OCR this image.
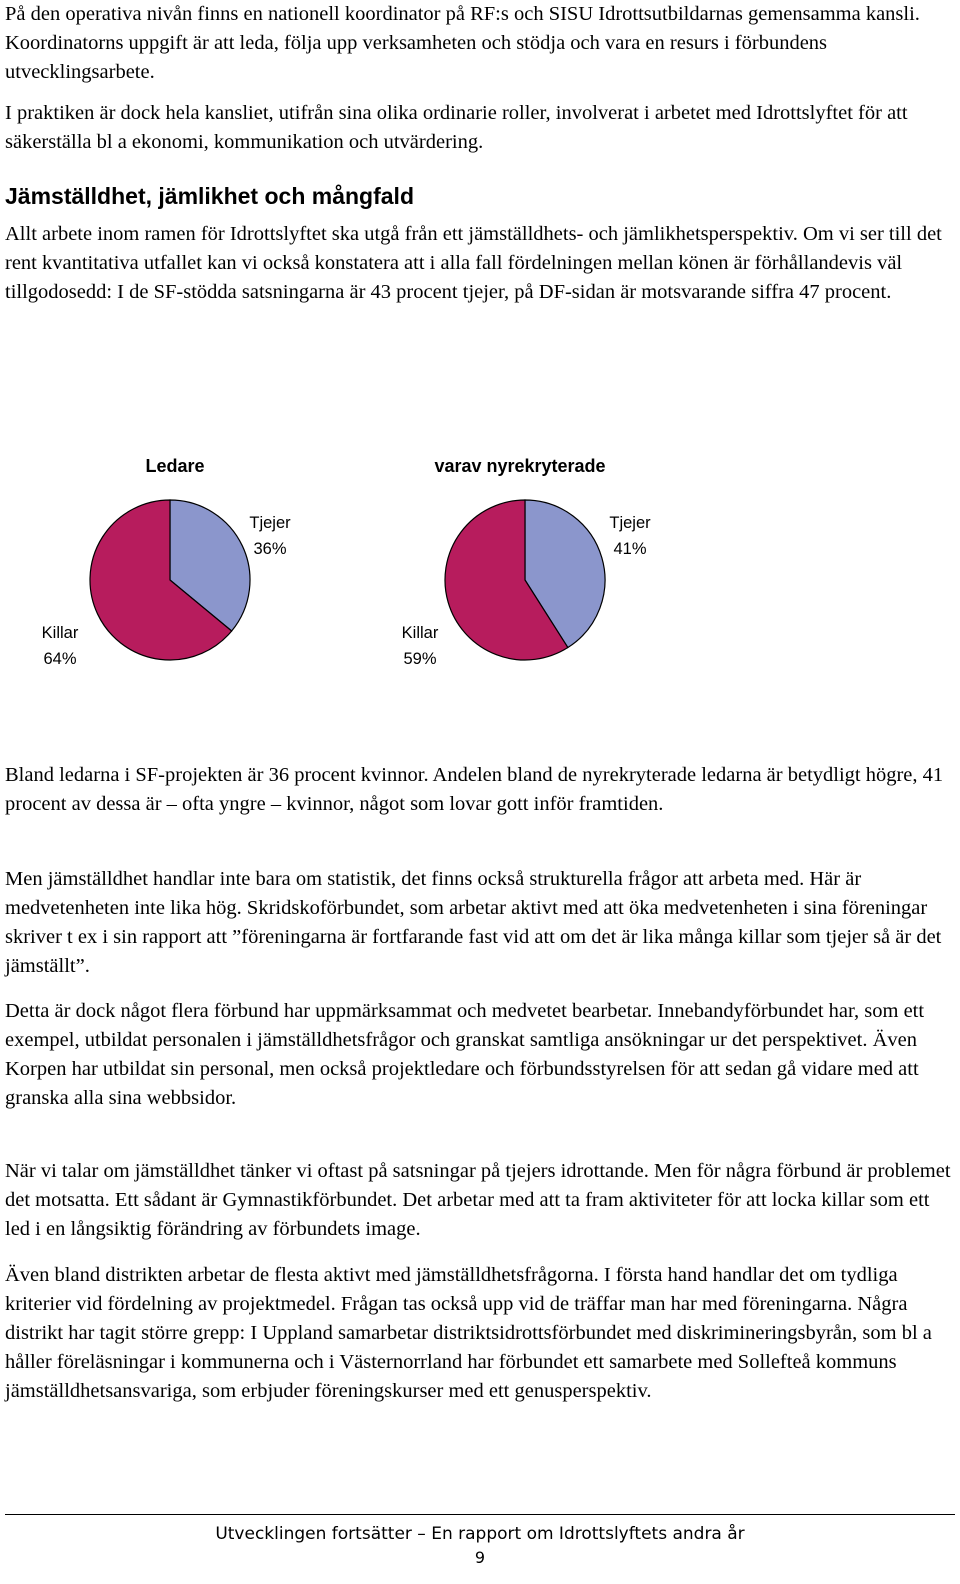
På den operativa nivån finns en nationell koordinator på RF:s och SISU Idrottsutbildarnas gemensamma kansli. Koordinatorns uppgift är att leda, följa upp verksamheten och stödja och vara en resurs i förbundens utvecklingsarbete.

I praktiken är dock hela kansliet, utifrån sina olika ordinarie roller, involverat i arbetet med Idrottslyftet för att säkerställa bl a ekonomi, kommunikation och utvärdering.

Jämställdhet, jämlikhet och mångfald

Allt arbete inom ramen för Idrottslyftet ska utgå från ett jämställdhets- och jämlikhetsperspektiv. Om vi ser till det rent kvantitativa utfallet kan vi också konstatera att i alla fall fördelningen mellan könen är förhållandevis väl tillgodosedd: I de SF-stödda satsningarna är 43 procent tjejer, på DF-sidan är motsvarande siffra 47 procent.

Ledare
Tjejer
36%
Killar
64%
varav nyrekryterade
Tjejer
41%
Killar
59%

Bland ledarna i SF-projekten är 36 procent kvinnor. Andelen bland de nyrekryterade ledarna är betydligt högre, 41 procent av dessa är – ofta yngre – kvinnor, något som lovar gott inför framtiden.

Men jämställdhet handlar inte bara om statistik, det finns också strukturella frågor att arbeta med. Här är medvetenheten inte lika hög. Skridskoförbundet, som arbetar aktivt med att öka medvetenheten i sina föreningar skriver t ex i sin rapport att ”föreningarna är fortfarande fast vid att om det är lika många killar som tjejer så är det jämställt”.

Detta är dock något flera förbund har uppmärksammat och medvetet bearbetar. Innebandyförbundet har, som ett exempel, utbildat personalen i jämställdhetsfrågor och granskat samtliga ansökningar ur det perspektivet. Även Korpen har utbildat sin personal, men också projektledare och förbundsstyrelsen för att sedan gå vidare med att granska alla sina webbsidor.

När vi talar om jämställdhet tänker vi oftast på satsningar på tjejers idrottande. Men för några förbund är problemet det motsatta. Ett sådant är Gymnastikförbundet. Det arbetar med att ta fram aktiviteter för att locka killar som ett led i en långsiktig förändring av förbundets image.

Även bland distrikten arbetar de flesta aktivt med jämställdhetsfrågorna. I första hand handlar det om tydliga kriterier vid fördelning av projektmedel. Frågan tas också upp vid de träffar man har med föreningarna. Några distrikt har tagit större grepp: I Uppland samarbetar distriktsidrottsförbundet med diskrimineringsbyrån, som bl a håller föreläsningar i kommunerna och i Västernorrland har förbundet ett samarbete med Sollefteå kommuns jämställdhetsansvariga, som erbjuder föreningskurser med ett genusperspektiv.

Utvecklingen fortsätter – En rapport om Idrottslyftets andra år
9
